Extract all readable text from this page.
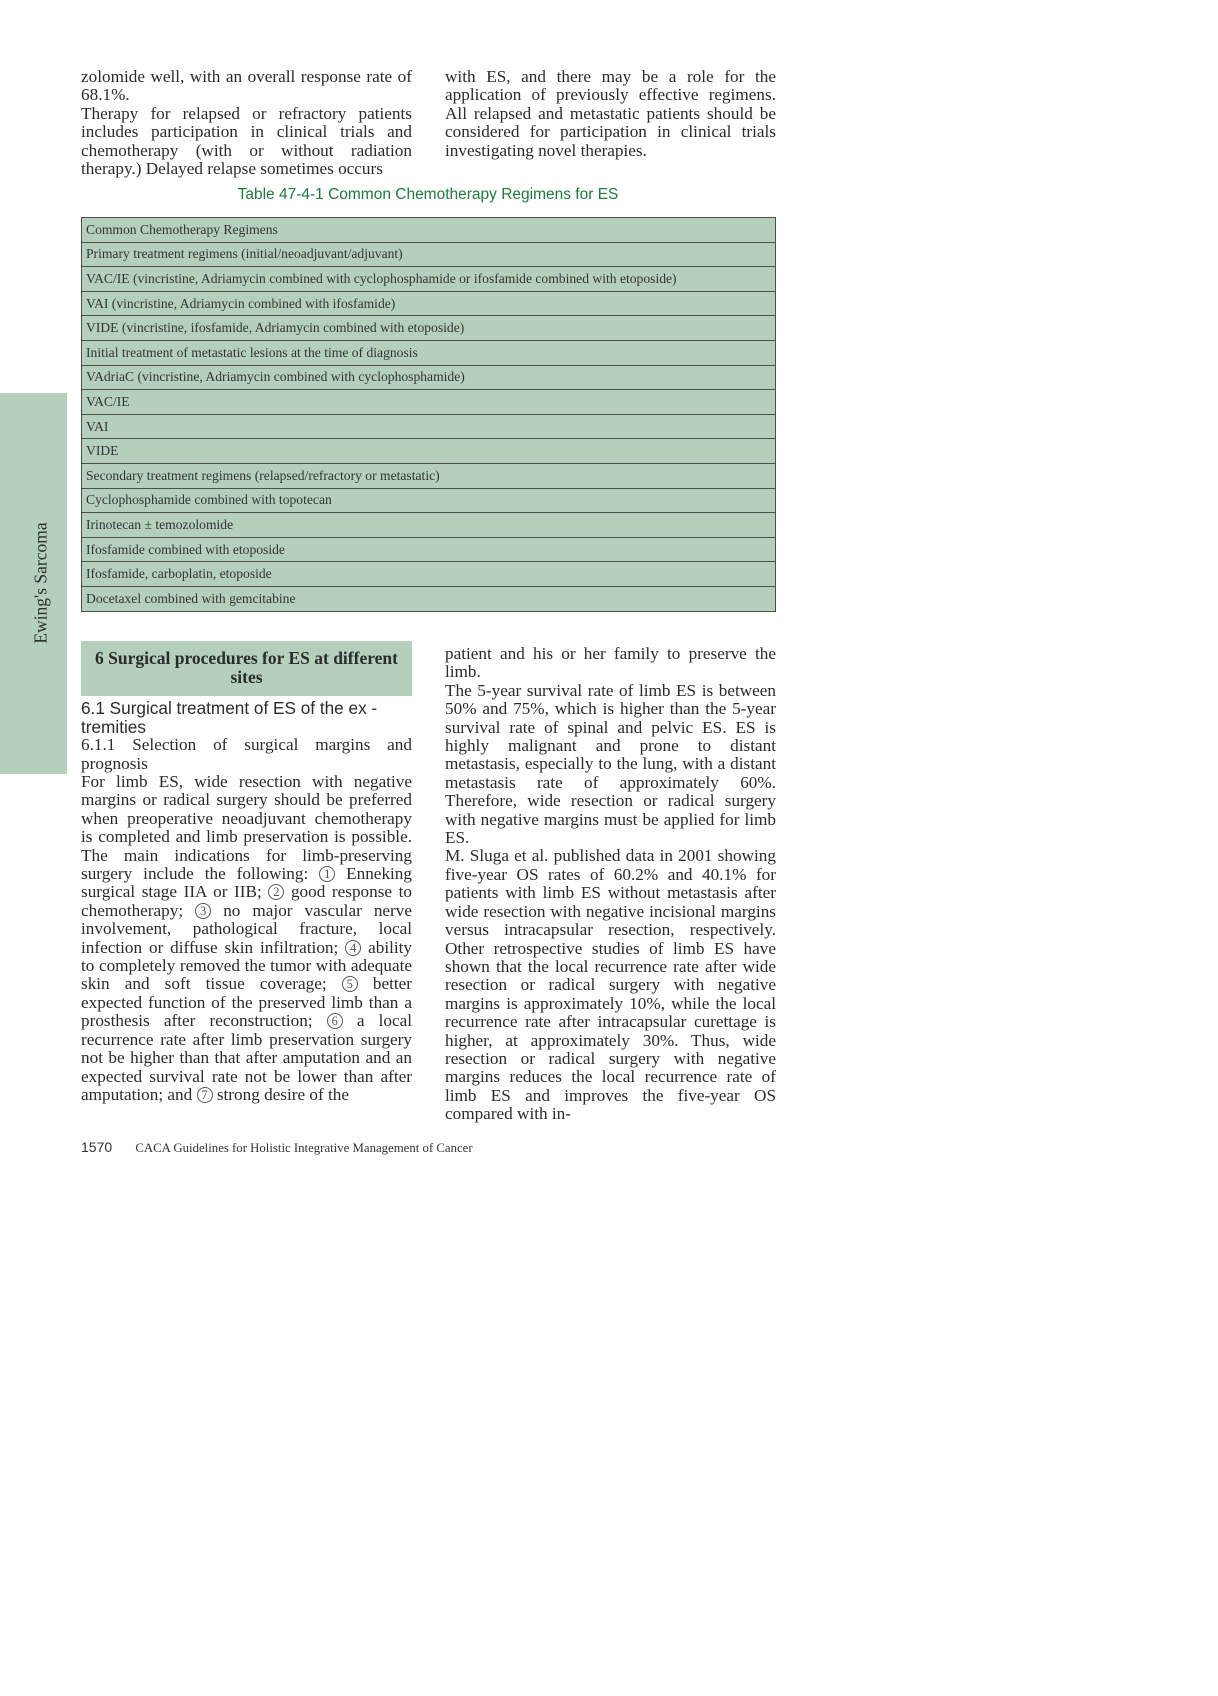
Ewing's Sarcoma

zolomide well, with an overall response rate of 68.1%.

Therapy for relapsed or refractory patients includes participation in clinical trials and chemotherapy (with or without radiation therapy.) Delayed relapse sometimes occurs

with ES, and there may be a role for the application of previously effective regimens. All relapsed and metastatic patients should be considered for participation in clinical trials investigating novel therapies.

Table 47-4-1 Common Chemotherapy Regimens for ES
Common Chemotherapy Regimens
Primary treatment regimens (initial/neoadjuvant/adjuvant)
VAC/IE (vincristine, Adriamycin combined with cyclophosphamide or ifosfamide combined with etoposide)
VAI (vincristine, Adriamycin combined with ifosfamide)
VIDE (vincristine, ifosfamide, Adriamycin combined with etoposide)
Initial treatment of metastatic lesions at the time of diagnosis
VAdriaC (vincristine, Adriamycin combined with cyclophosphamide)
VAC/IE
VAI
VIDE
Secondary treatment regimens (relapsed/refractory or metastatic)
Cyclophosphamide combined with topotecan
Irinotecan ± temozolomide
Ifosfamide combined with etoposide
Ifosfamide, carboplatin, etoposide
Docetaxel combined with gemcitabine
6 Surgical procedures for ES at different sites
6.1 Surgical treatment of ES of the ex - tremities

6.1.1 Selection of surgical margins and prognosis

For limb ES, wide resection with negative margins or radical surgery should be preferred when preoperative neoadjuvant chemotherapy is completed and limb preservation is possible. The main indications for limb-preserving surgery include the following: 1 Enneking surgical stage IIA or IIB; 2 good response to chemotherapy; 3 no major vascular nerve involvement, pathological fracture, local infection or diffuse skin infiltration; 4 ability to completely removed the tumor with adequate skin and soft tissue coverage; 5 better expected function of the preserved limb than a prosthesis after reconstruction; 6 a local recurrence rate after limb preservation surgery not be higher than that after amputation and an expected survival rate not be lower than after amputation; and 7 strong desire of the

patient and his or her family to preserve the limb.

The 5-year survival rate of limb ES is between 50% and 75%, which is higher than the 5-year survival rate of spinal and pelvic ES. ES is highly malignant and prone to distant metastasis, especially to the lung, with a distant metastasis rate of approximately 60%. Therefore, wide resection or radical surgery with negative margins must be applied for limb ES.

M. Sluga et al. published data in 2001 showing five-year OS rates of 60.2% and 40.1% for patients with limb ES without metastasis after wide resection with negative incisional margins versus intracapsular resection, respectively. Other retrospective studies of limb ES have shown that the local recurrence rate after wide resection or radical surgery with negative margins is approximately 10%, while the local recurrence rate after intracapsular curettage is higher, at approximately 30%. Thus, wide resection or radical surgery with negative margins reduces the local recurrence rate of limb ES and improves the five-year OS compared with in-

1570 CACA Guidelines for Holistic Integrative Management of Cancer
